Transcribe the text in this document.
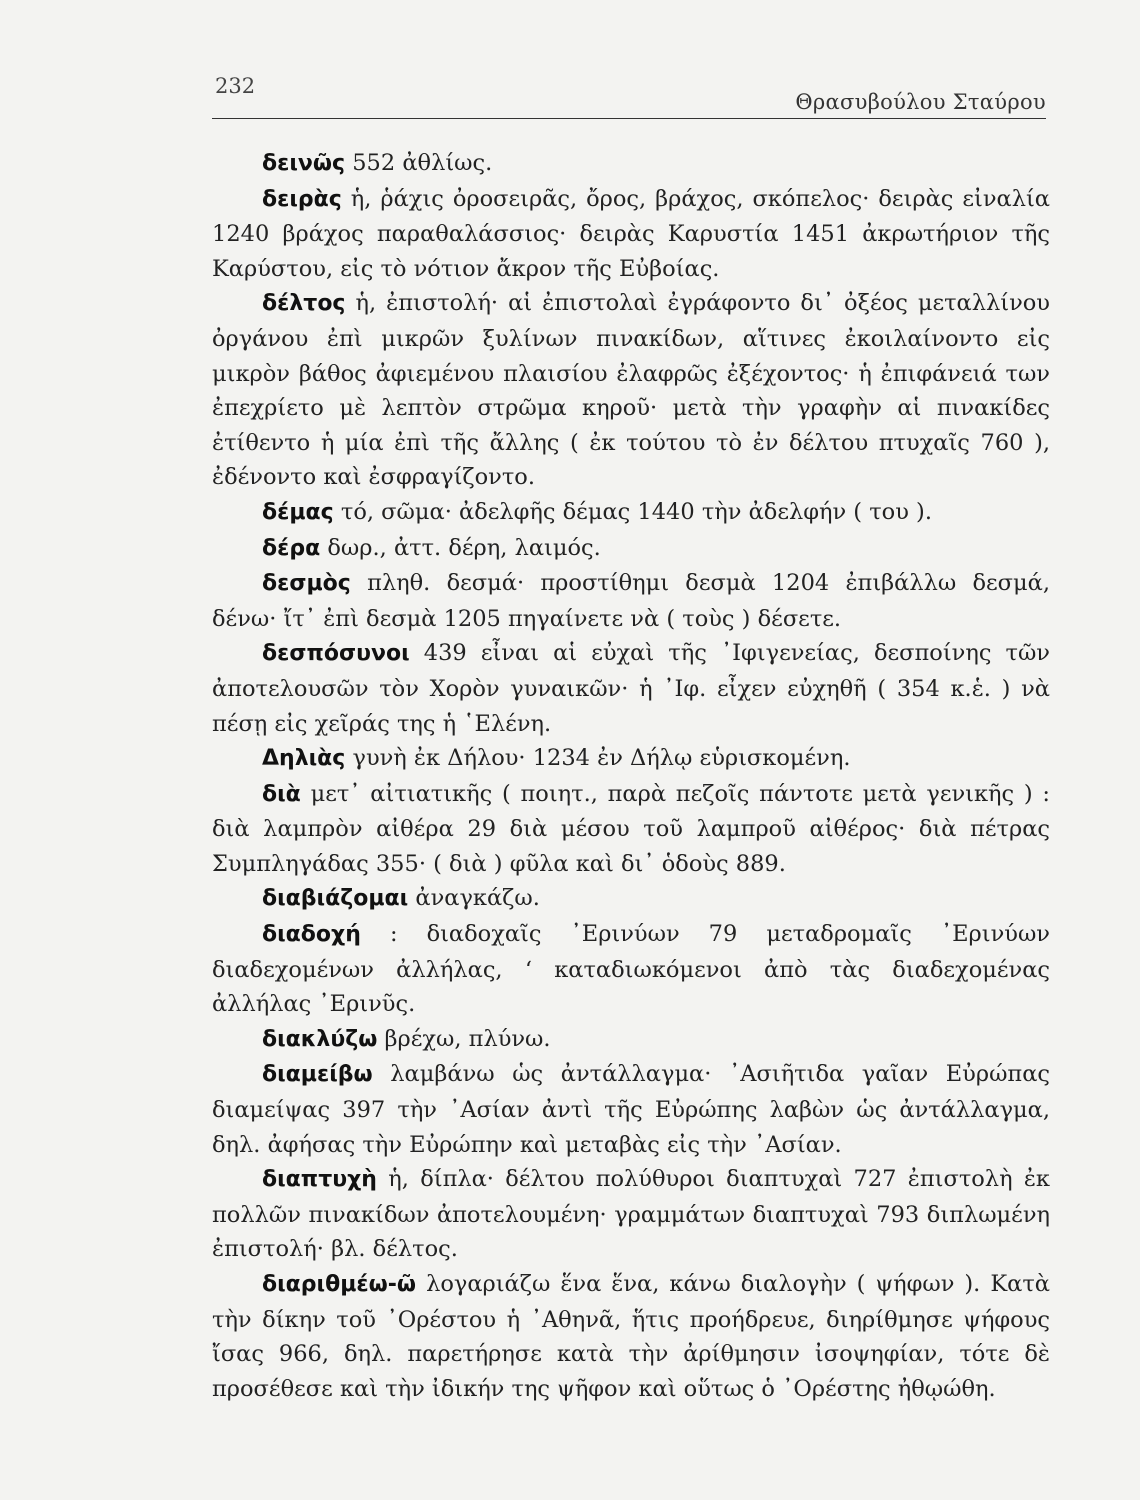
232
Θρασυβούλου Σταύρου

δεινῶς 552 ἀθλίως.

δειρὰς ἡ, ῥάχις ὀροσειρᾶς, ὄρος, βράχος, σκόπελος· δειρὰς εἰναλία 1240 βράχος παραθαλάσσιος· δειρὰς Καρυστία 1451 ἀκρωτήριον τῆς Καρύστου, εἰς τὸ νότιον ἄκρον τῆς Εὐβοίας.

δέλτος ἡ, ἐπιστολή· αἱ ἐπιστολαὶ ἐγράφοντο δι᾿ ὀξέος μεταλλίνου ὀργάνου ἐπὶ μικρῶν ξυλίνων πινακίδων, αἵτινες ἐκοιλαίνοντο εἰς μικρὸν βάθος ἀφιεμένου πλαισίου ἐλαφρῶς ἐξέχοντος· ἡ ἐπιφάνειά των ἐπεχρίετο μὲ λεπτὸν στρῶμα κηροῦ· μετὰ τὴν γραφὴν αἱ πινακίδες ἐτίθεντο ἡ μία ἐπὶ τῆς ἄλλης ( ἐκ τούτου τὸ ἐν δέλτου πτυχαῖς 760 ), ἐδένοντο καὶ ἐσφραγίζοντο.

δέμας τό, σῶμα· ἀδελφῆς δέμας 1440 τὴν ἀδελφήν ( του ).

δέρα δωρ., ἀττ. δέρη, λαιμός.

δεσμὸς πληθ. δεσμά· προστίθημι δεσμὰ 1204 ἐπιβάλλω δεσμά, δένω· ἴτ᾿ ἐπὶ δεσμὰ 1205 πηγαίνετε νὰ ( τοὺς ) δέσετε.

δεσπόσυνοι 439 εἶναι αἱ εὐχαὶ τῆς ᾿Ιφιγενείας, δεσποίνης τῶν ἀποτελουσῶν τὸν Χορὸν γυναικῶν· ἡ ᾿Ιφ. εἶχεν εὐχηθῆ ( 354 κ.ἑ. ) νὰ πέσῃ εἰς χεῖράς της ἡ ῾Ελένη.

Δηλιὰς γυνὴ ἐκ Δήλου· 1234 ἐν Δήλῳ εὑρισκομένη.

διὰ μετ᾿ αἰτιατικῆς ( ποιητ., παρὰ πεζοῖς πάντοτε μετὰ γενικῆς ) : διὰ λαμπρὸν αἰθέρα 29 διὰ μέσου τοῦ λαμπροῦ αἰθέρος· διὰ πέτρας Συμπληγάδας 355· ( διὰ ) φῦλα καὶ δι᾿ ὁδοὺς 889.

διαβιάζομαι ἀναγκάζω.

διαδοχή : διαδοχαῖς ᾿Ερινύων 79 μεταδρομαῖς ᾿Ερινύων διαδεχομένων ἀλλήλας, ‘ καταδιωκόμενοι ἀπὸ τὰς διαδεχομένας ἀλλήλας ᾿Ερινῦς.

διακλύζω βρέχω, πλύνω.

διαμείβω λαμβάνω ὡς ἀντάλλαγμα· ᾿Ασιῆτιδα γαῖαν Εὐρώπας διαμείψας 397 τὴν ᾿Ασίαν ἀντὶ τῆς Εὐρώπης λαβὼν ὡς ἀντάλλαγμα, δηλ. ἀφήσας τὴν Εὐρώπην καὶ μεταβὰς εἰς τὴν ᾿Ασίαν.

διαπτυχὴ ἡ, δίπλα· δέλτου πολύθυροι διαπτυχαὶ 727 ἐπιστολὴ ἐκ πολλῶν πινακίδων ἀποτελουμένη· γραμμάτων διαπτυχαὶ 793 διπλωμένη ἐπιστολή· βλ. δέλτος.

διαριθμέω-ῶ λογαριάζω ἕνα ἕνα, κάνω διαλογὴν ( ψήφων ). Κατὰ τὴν δίκην τοῦ ᾿Ορέστου ἡ ᾿Αθηνᾶ, ἥτις προήδρευε, διηρίθμησε ψήφους ἴσας 966, δηλ. παρετήρησε κατὰ τὴν ἀρίθμησιν ἰσοψηφίαν, τότε δὲ προσέθεσε καὶ τὴν ἰδικήν της ψῆφον καὶ οὕτως ὁ ᾿Ορέστης ἠθῳώθη.
